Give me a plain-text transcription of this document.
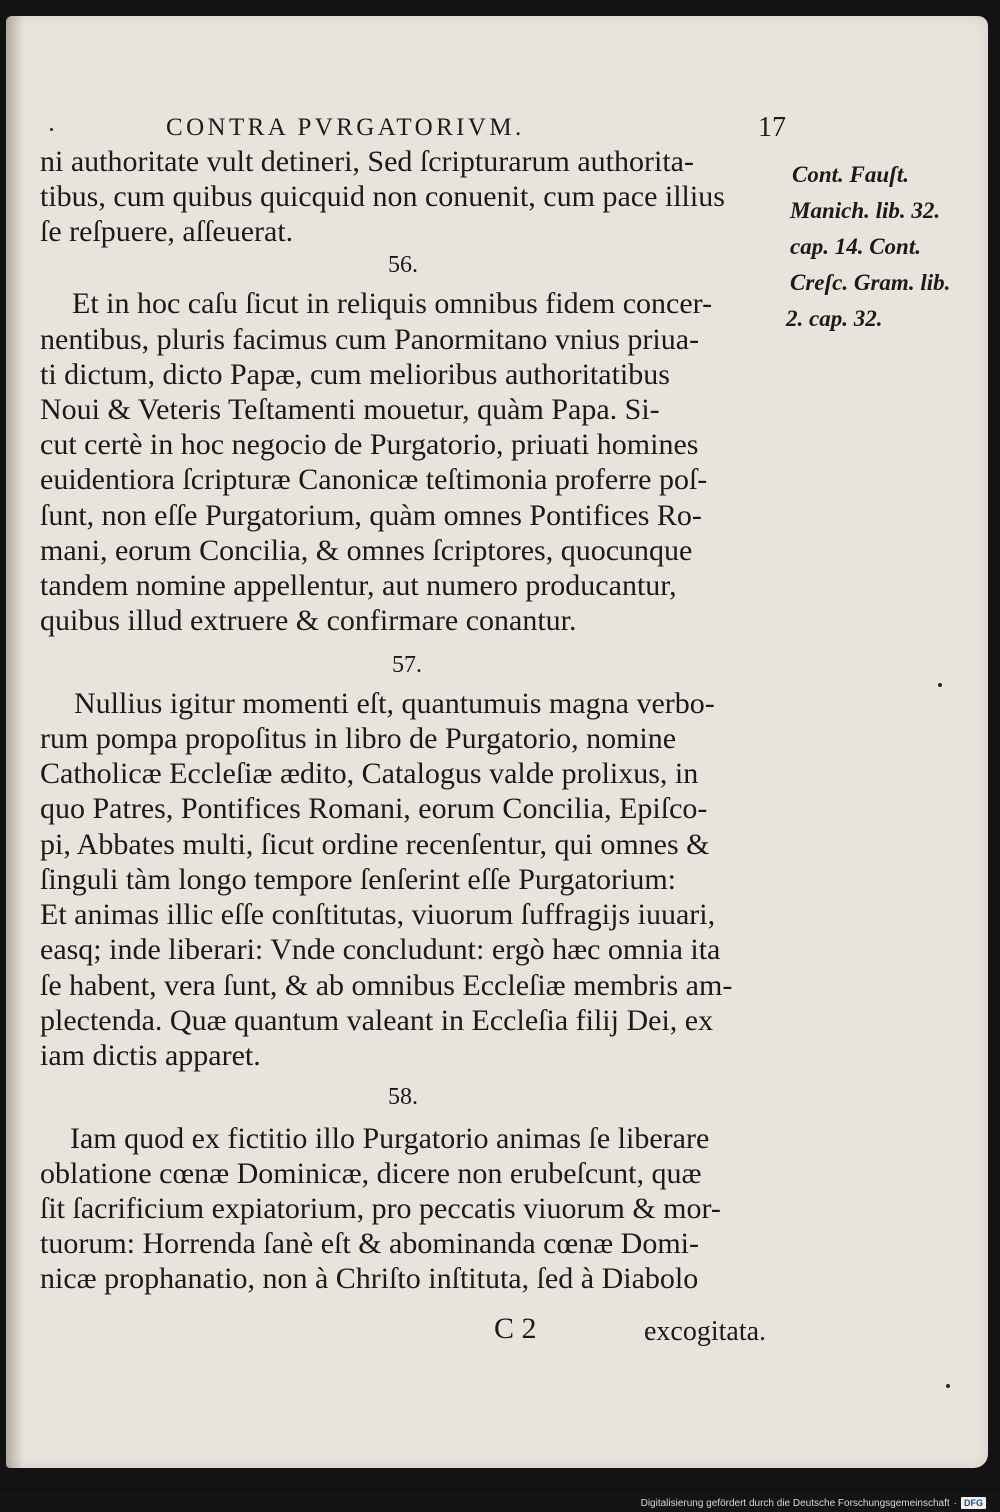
CONTRA PVRGATORIVM.	17
ni authoritate vult detineri, Sed ſcripturarum authorita-
tibus, cum quibus quicquid non conuenit, cum pace illius
ſe reſpuere, aſſeuerat.
56.
Et in hoc caſu ſicut in reliquis omnibus fidem concer-
nentibus, pluris facimus cum Panormitano vnius priua-
ti dictum, dicto Papæ, cum melioribus authoritatibus
Noui & Veteris Teſtamenti mouetur, quàm Papa. Si-
cut certè in hoc negocio de Purgatorio, priuati homines
euidentiora ſcripturæ Canonicæ teſtimonia proferre poſ-
ſunt, non eſſe Purgatorium, quàm omnes Pontifices Ro-
mani, eorum Concilia, & omnes ſcriptores, quocunque
tandem nomine appellentur, aut numero producantur,
quibus illud extruere & confirmare conantur.
57.
Nullius igitur momenti eſt, quantumuis magna verbo-
rum pompa propoſitus in libro de Purgatorio, nomine
Catholicæ Eccleſiæ ædito, Catalogus valde prolixus, in
quo Patres, Pontifices Romani, eorum Concilia, Epiſco-
pi, Abbates multi, ſicut ordine recenſentur, qui omnes &
ſinguli tàm longo tempore ſenſerint eſſe Purgatorium:
Et animas illic eſſe conſtitutas, viuorum ſuffragijs iuuari,
easq; inde liberari: Vnde concludunt: ergò hæc omnia ita
ſe habent, vera ſunt, & ab omnibus Eccleſiæ membris am-
plectenda. Quæ quantum valeant in Eccleſia filij Dei, ex
iam dictis apparet.
58.
Iam quod ex fictitio illo Purgatorio animas ſe liberare
oblatione cœnæ Dominicæ, dicere non erubeſcunt, quæ
ſit ſacrificium expiatorium, pro peccatis viuorum & mor-
tuorum: Horrenda ſanè eſt & abominanda cœnæ Domi-
nicæ prophanatio, non à Chriſto inſtituta, ſed à Diabolo
C 2	excogitata.
Cont. Fauſt.
Manich. lib. 32.
cap. 14. Cont.
Creſc. Gram. lib.
2. cap. 32.
Digitalisierung gefördert durch die Deutsche Forschungsgemeinschaft · DFG
